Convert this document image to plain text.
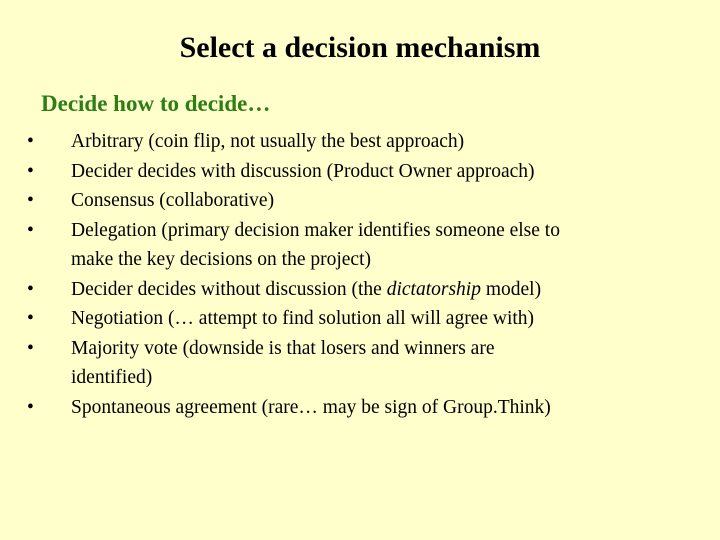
Select a decision mechanism
Decide how to decide…
• Arbitrary (coin flip, not usually the best approach)
• Decider decides with discussion (Product Owner approach)
• Consensus (collaborative)
• Delegation (primary decision maker identifies someone else to
make the key decisions on the project)
• Decider decides without discussion (the dictatorship model)
• Negotiation (… attempt to find solution all will agree with)
• Majority vote (downside is that losers and winners are
identified)
• Spontaneous agreement (rare… may be sign of Group.Think)
